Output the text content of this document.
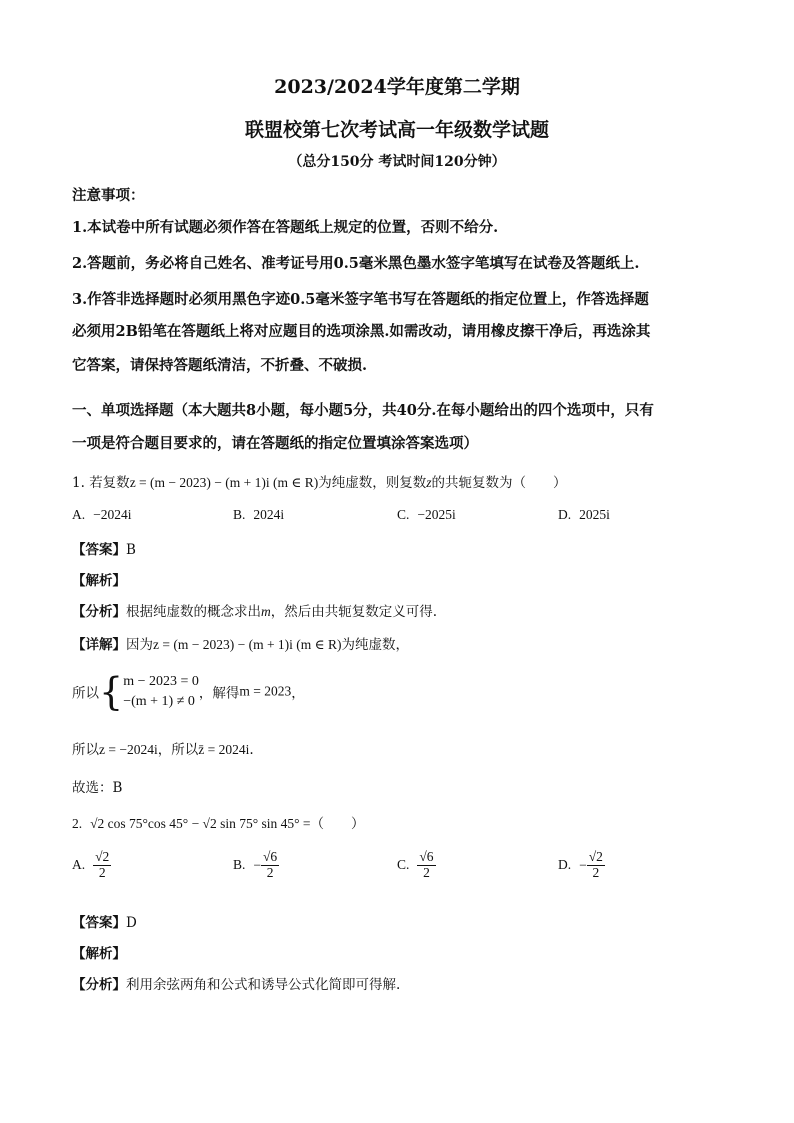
2023/2024学年度第二学期
联盟校第七次考试高一年级数学试题
（总分150分 考试时间120分钟）
注意事项：
1.本试卷中所有试题必须作答在答题纸上规定的位置，否则不给分.
2.答题前，务必将自己姓名、准考证号用0.5毫米黑色墨水签字笔填写在试卷及答题纸上.
3.作答非选择题时必须用黑色字迹0.5毫米签字笔书写在答题纸的指定位置上，作答选择题
必须用2B铅笔在答题纸上将对应题目的选项涂黑.如需改动，请用橡皮擦干净后，再选涂其
它答案，请保持答题纸清洁，不折叠、不破损.
一、单项选择题（本大题共8小题，每小题5分，共40分.在每小题给出的四个选项中，只有
一项是符合题目要求的，请在答题纸的指定位置填涂答案选项）
1. 若复数z = (m − 2023) − (m + 1)i (m ∈ R)为纯虚数，则复数z的共轭复数为（　　）
A. −2024i	B. 2024i	C. −2025i	D. 2025i
【答案】B
【解析】
【分析】根据纯虚数的概念求出m，然后由共轭复数定义可得.
【详解】因为z = (m − 2023) − (m + 1)i (m ∈ R)为纯虚数，
所以{ m − 2023 = 0
−(m + 1) ≠ 0 ，解得m = 2023，
所以z = −2024i，所以z̄ = 2024i.
故选：B
2. √2 cos 75°cos 45° − √2 sin 75° sin 45° =（　　）
A. $\frac{√2}{2}$	B. − $\frac{√6}{2}$	C. $\frac{√6}{2}$	D. − $\frac{√2}{2}$
【答案】D
【解析】
【分析】利用余弦两角和公式和诱导公式化简即可得解.
